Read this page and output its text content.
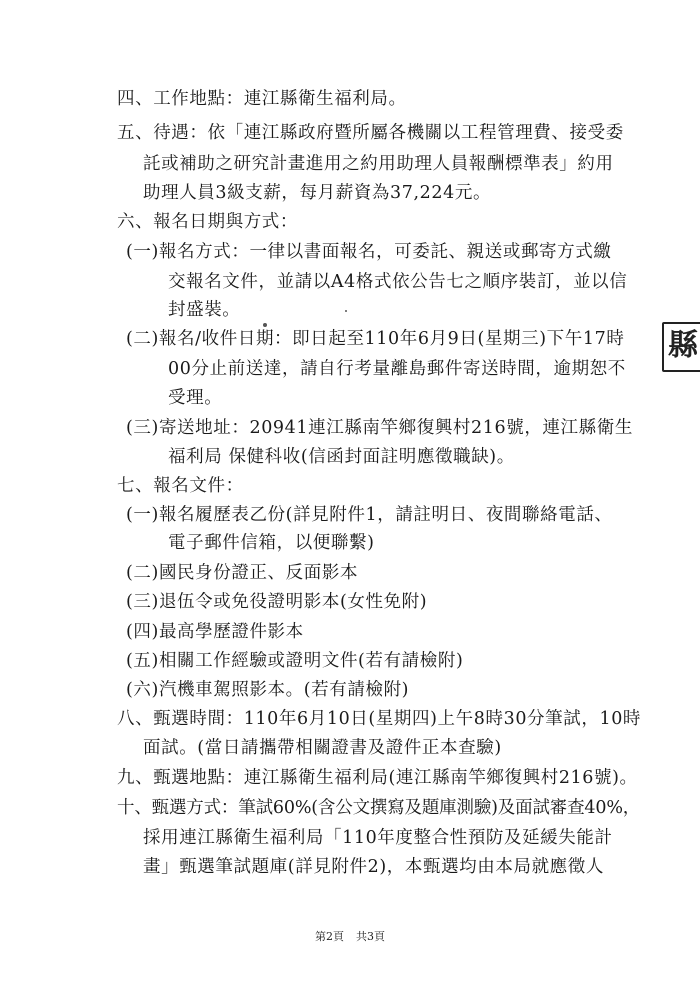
四、工作地點：連江縣衛生福利局。
五、待遇：依「連江縣政府暨所屬各機關以工程管理費、接受委
託或補助之研究計畫進用之約用助理人員報酬標準表」約用
助理人員3級支薪，每月薪資為37,224元。
六、報名日期與方式：
(一)報名方式：一律以書面報名，可委託、親送或郵寄方式繳
交報名文件，並請以A4格式依公告七之順序裝訂，並以信
封盛裝。
(二)報名/收件日期：即日起至110年6月9日(星期三)下午17時
00分止前送達，請自行考量離島郵件寄送時間，逾期恕不
受理。
(三)寄送地址：20941連江縣南竿鄉復興村216號，連江縣衛生
福利局 保健科收(信函封面註明應徵職缺)。
七、報名文件：
(一)報名履歷表乙份(詳見附件1，請註明日、夜間聯絡電話、
電子郵件信箱，以便聯繫)
(二)國民身份證正、反面影本
(三)退伍令或免役證明影本(女性免附)
(四)最高學歷證件影本
(五)相關工作經驗或證明文件(若有請檢附)
(六)汽機車駕照影本。(若有請檢附)
八、甄選時間：110年6月10日(星期四)上午8時30分筆試，10時
面試。(當日請攜帶相關證書及證件正本查驗)
九、甄選地點：連江縣衛生福利局(連江縣南竿鄉復興村216號)。
十、甄選方式：筆試60%(含公文撰寫及題庫測驗)及面試審查40%，
採用連江縣衛生福利局「110年度整合性預防及延緩失能計
畫」甄選筆試題庫(詳見附件2)，本甄選均由本局就應徵人
第2頁 共3頁
縣
